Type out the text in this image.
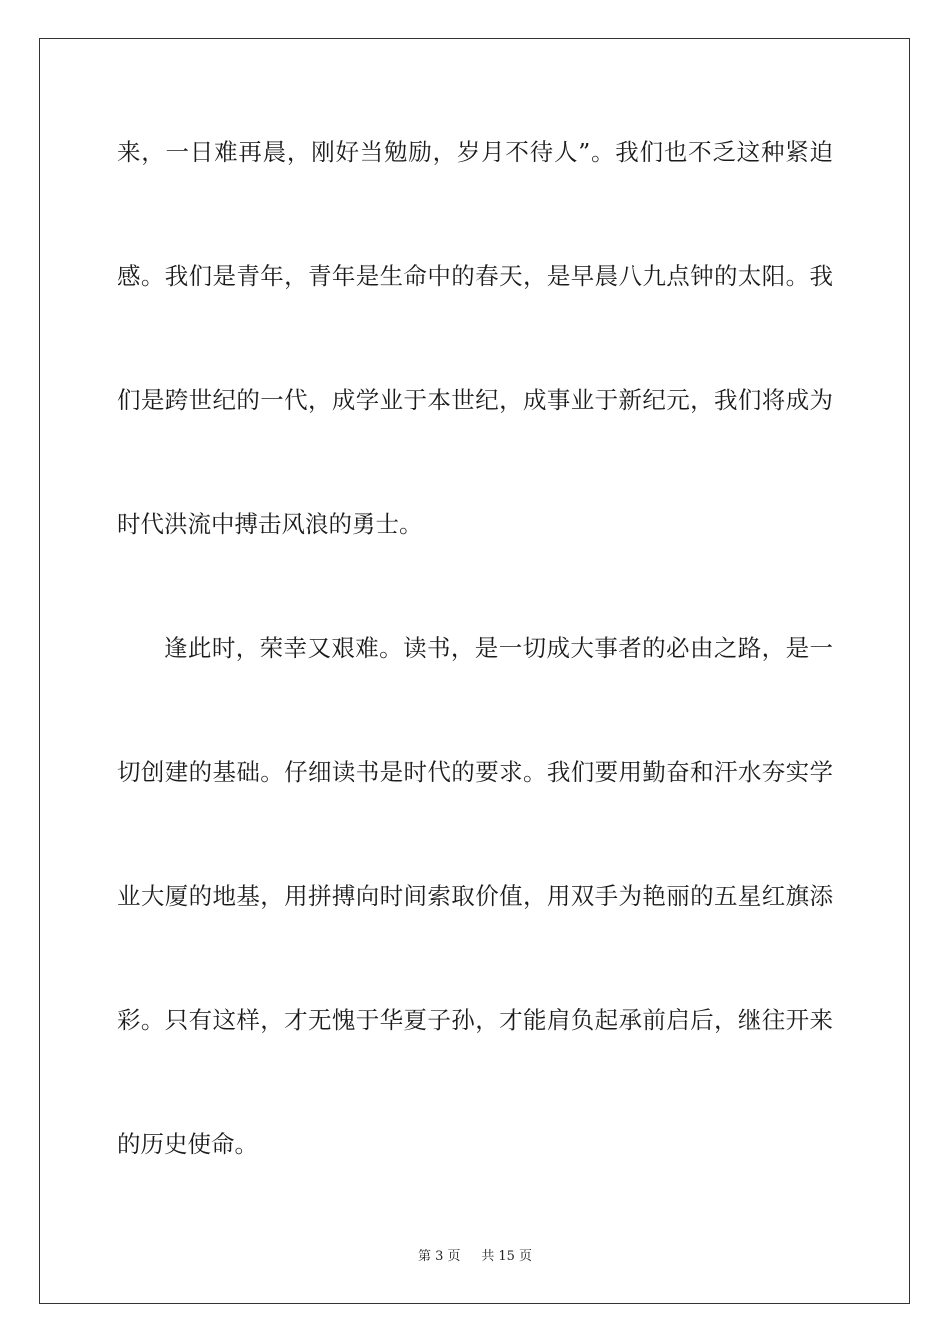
来，一日难再晨，刚好当勉励，岁月不待人”。我们也不乏这种紧迫
感。我们是青年，青年是生命中的春天，是早晨八九点钟的太阳。我
们是跨世纪的一代，成学业于本世纪，成事业于新纪元，我们将成为
时代洪流中搏击风浪的勇士。
逢此时，荣幸又艰难。读书，是一切成大事者的必由之路，是一
切创建的基础。仔细读书是时代的要求。我们要用勤奋和汗水夯实学
业大厦的地基，用拼搏向时间索取价值，用双手为艳丽的五星红旗添
彩。只有这样，才无愧于华夏子孙，才能肩负起承前启后，继往开来
的历史使命。
第 3 页 共 15 页
